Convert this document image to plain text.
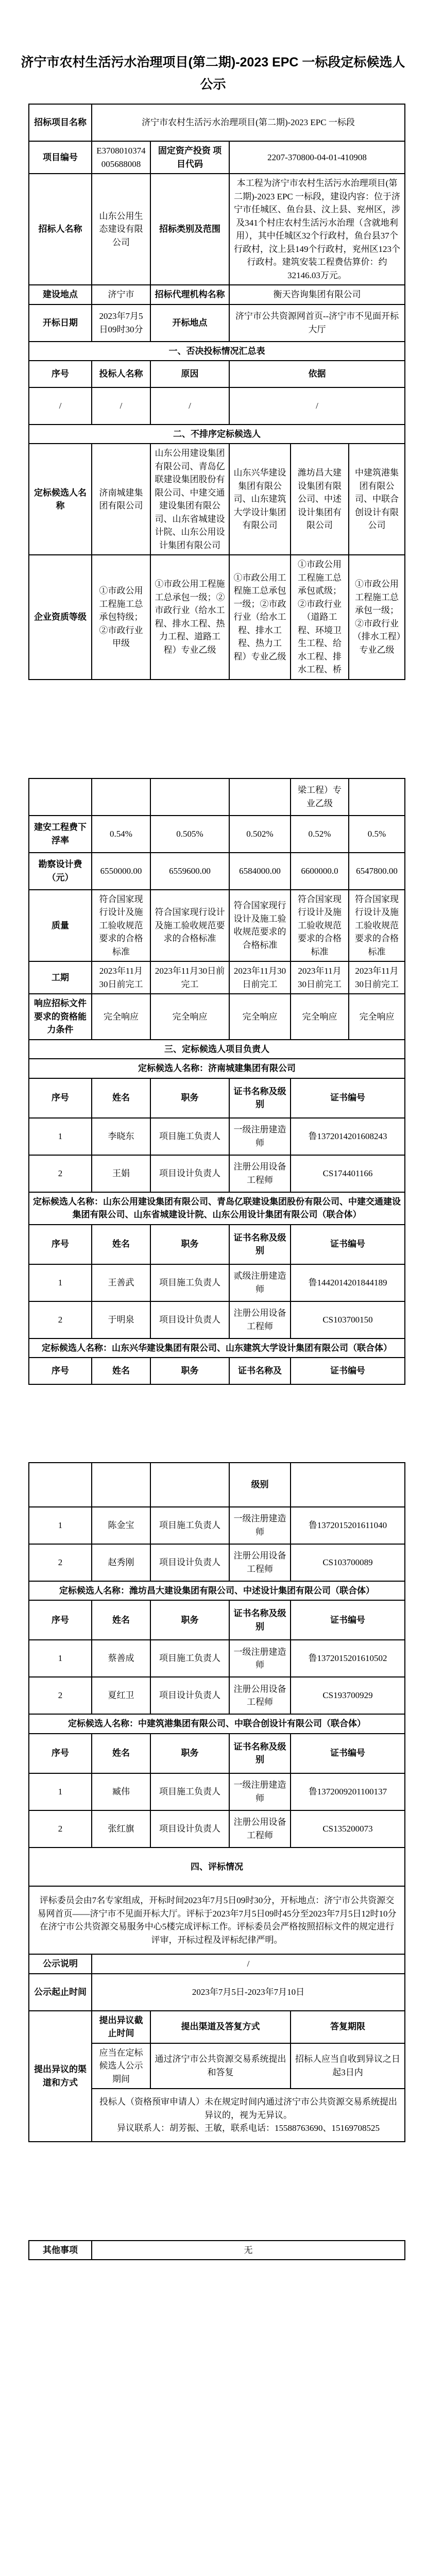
济宁市农村生活污水治理项目(第二期)-2023 EPC 一标段定标候选人公示
招标项目名称	济宁市农村生活污水治理项目(第二期)-2023 EPC 一标段				
项目编号	E3708010374005688008	固定资产投资 项目代码	2207-370800-04-01-410908		
招标人名称	山东公用生态建设有限公司	招标类别及范围	本工程为济宁市农村生活污水治理项目(第二期)-2023 EPC 一标段，建设内容：位于济宁市任城区、鱼台县、汶上县、兖州区，涉及341个村庄农村生活污水治理（含就地利用），其中任城区32个行政村，鱼台县37个行政村，汶上县149个行政村，兖州区123个行政村。建筑安装工程费估算价：约32146.03万元。		
建设地点	济宁市	招标代理机构名称	衡天咨询集团有限公司		
开标日期	2023年7月5日09时30分	开标地点	济宁市公共资源网首页--济宁市不见面开标大厅		
一、否决投标情况汇总表					
序号	投标人名称	原因	依据		
/	/	/	/		
二、不排序定标候选人					
定标候选人名称	济南城建集团有限公司	山东公用建设集团有限公司、青岛亿联建设集团股份有限公司、中建交通建设集团有限公司、山东省城建设计院、山东公用设计集团有限公司	山东兴华建设集团有限公司、山东建筑大学设计集团有限公司	潍坊昌大建设集团有限公司、中述设计集团有限公司	中建筑港集团有限公司、中联合创设计有限公司
企业资质等级	①市政公用工程施工总承包特级；②市政行业甲级	①市政公用工程施工总承包一级；②市政行业（给水工程、排水工程、热力工程、道路工程）专业乙级	①市政公用工程施工总承包一级；②市政行业（给水工程、排水工程、热力工程）专业乙级	①市政公用工程施工总承包贰级；②市政行业（道路工程、环境卫生工程、给水工程、排水工程、桥	①市政公用工程施工总承包一级；②市政行业（排水工程）专业乙级
				梁工程）专业乙级	
建安工程费下浮率	0.54%	0.505%	0.502%	0.52%	0.5%
勘察设计费（元）	6550000.00	6559600.00	6584000.00	6600000.0	6547800.00
质量	符合国家现行设计及施工验收规范要求的合格标准	符合国家现行设计及施工验收规范要求的合格标准	符合国家现行设计及施工验收规范要求的合格标准	符合国家现行设计及施工验收规范要求的合格标准	符合国家现行设计及施工验收规范要求的合格标准
工期	2023年11月30日前完工	2023年11月30日前完工	2023年11月30日前完工	2023年11月30日前完工	2023年11月30日前完工
响应招标文件要求的资格能力条件	完全响应	完全响应	完全响应	完全响应	完全响应
三、定标候选人项目负责人					
定标候选人名称：济南城建集团有限公司					
序号	姓名	职务	证书名称及级别	证书编号	
1	李晓东	项目施工负责人	一级注册建造师	鲁1372014201608243	
2	王娟	项目设计负责人	注册公用设备工程师	CS174401166	
定标候选人名称：山东公用建设集团有限公司、青岛亿联建设集团股份有限公司、中建交通建设集团有限公司、山东省城建设计院、山东公用设计集团有限公司（联合体）					
序号	姓名	职务	证书名称及级别	证书编号	
1	王善武	项目施工负责人	贰级注册建造师	鲁1442014201844189	
2	于明泉	项目设计负责人	注册公用设备工程师	CS103700150	
定标候选人名称：山东兴华建设集团有限公司、山东建筑大学设计集团有限公司（联合体）					
序号	姓名	职务	证书名称及	证书编号	
			级别	
1	陈金宝	项目施工负责人	一级注册建造师	鲁1372015201611040
2	赵秀刚	项目设计负责人	注册公用设备工程师	CS103700089
定标候选人名称：潍坊昌大建设集团有限公司、中述设计集团有限公司（联合体）				
序号	姓名	职务	证书名称及级别	证书编号
1	蔡善成	项目施工负责人	一级注册建造师	鲁1372015201610502
2	夏红卫	项目设计负责人	注册公用设备工程师	CS193700929
定标候选人名称：中建筑港集团有限公司、中联合创设计有限公司（联合体）				
序号	姓名	职务	证书名称及级别	证书编号
1	臧伟	项目施工负责人	一级注册建造师	鲁1372009201100137
2	张红旗	项目设计负责人	注册公用设备工程师	CS135200073
四、评标情况				
评标委员会由7名专家组成，开标时间2023年7月5日09时30分，开标地点：济宁市公共资源交易网首页——济宁市不见面开标大厅。评标于2023年7月5日09时45分至2023年7月5日12时10分在济宁市公共资源交易服务中心5楼完成评标工作。评标委员会严格按照招标文件的规定进行评审，开标过程及评标纪律严明。				
公示说明	/			
公示起止时间	2023年7月5日-2023年7月10日			
提出异议的渠道和方式	提出异议截止时间	提出渠道及答复方式		答复期限
	应当在定标候选人公示期间	通过济宁市公共资源交易系统提出和答复		招标人应当自收到异议之日起3日内

	投标人（资格预审申请人）未在规定时间内通过济宁市公共资源交易系统提出异议的，视为无异议。
异议联系人：胡芳振、王敏，联系电话：15588763690、15169708525			
其他事项	无
